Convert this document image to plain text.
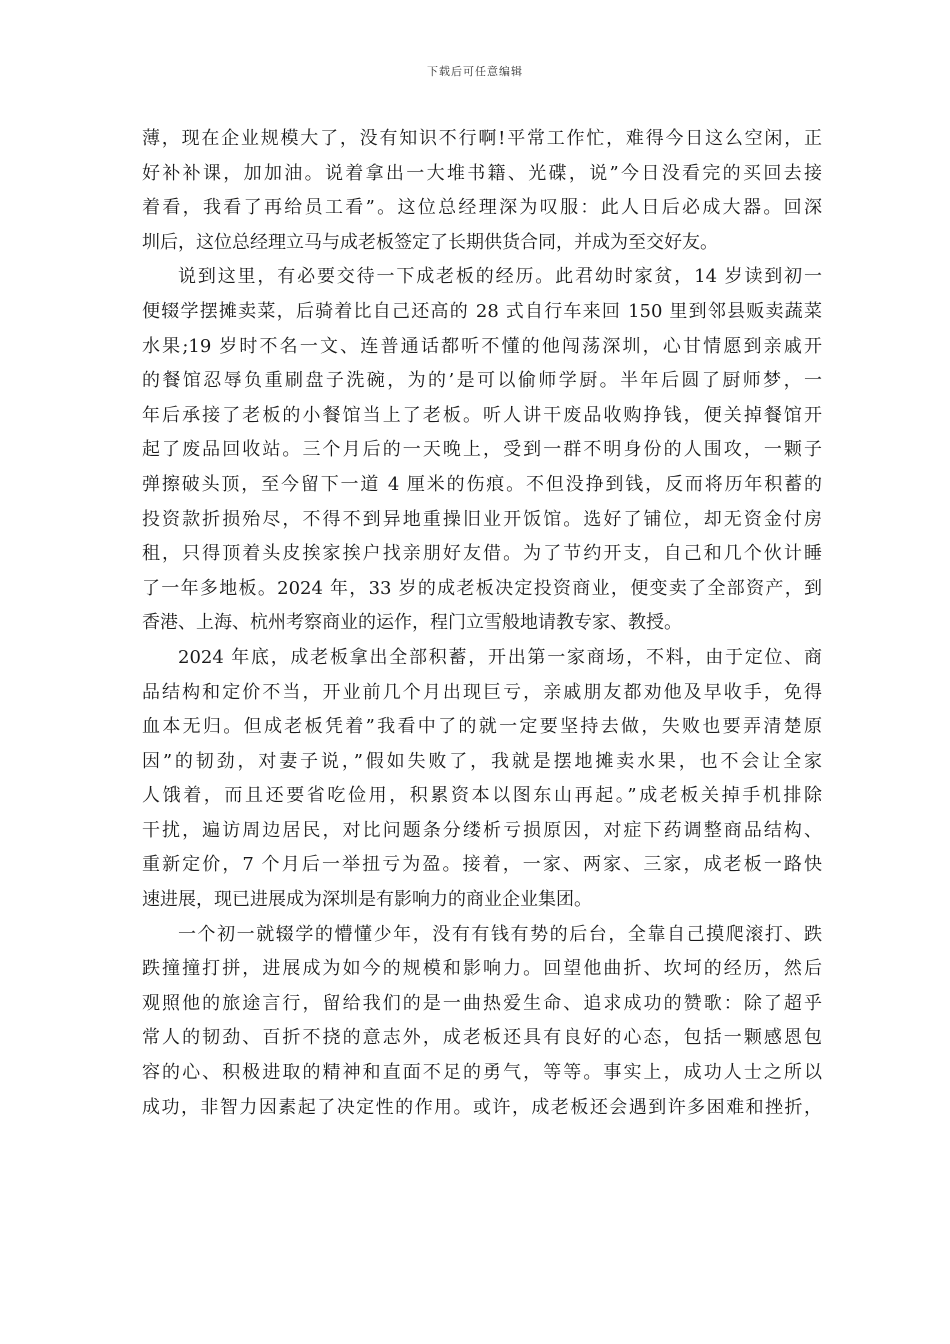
下载后可任意编辑
薄，现在企业规模大了，没有知识不行啊!平常工作忙，难得今日这么空闲，正
好补补课，加加油。说着拿出一大堆书籍、光碟，说”今日没看完的买回去接
着看，我看了再给员工看”。这位总经理深为叹服：此人日后必成大器。回深
圳后，这位总经理立马与成老板签定了长期供货合同，并成为至交好友。
说到这里，有必要交待一下成老板的经历。此君幼时家贫，14 岁读到初一
便辍学摆摊卖菜，后骑着比自己还高的 28 式自行车来回 150 里到邻县贩卖蔬菜
水果;19 岁时不名一文、连普通话都听不懂的他闯荡深圳，心甘情愿到亲戚开
的餐馆忍辱负重刷盘子洗碗，为的’是可以偷师学厨。半年后圆了厨师梦，一
年后承接了老板的小餐馆当上了老板。听人讲干废品收购挣钱，便关掉餐馆开
起了废品回收站。三个月后的一天晚上，受到一群不明身份的人围攻，一颗子
弹擦破头顶，至今留下一道 4 厘米的伤痕。不但没挣到钱，反而将历年积蓄的
投资款折损殆尽，不得不到异地重操旧业开饭馆。选好了铺位，却无资金付房
租，只得顶着头皮挨家挨户找亲朋好友借。为了节约开支，自己和几个伙计睡
了一年多地板。2024 年，33 岁的成老板决定投资商业，便变卖了全部资产，到
香港、上海、杭州考察商业的运作，程门立雪般地请教专家、教授。
2024 年底，成老板拿出全部积蓄，开出第一家商场，不料，由于定位、商
品结构和定价不当，开业前几个月出现巨亏，亲戚朋友都劝他及早收手，免得
血本无归。但成老板凭着”我看中了的就一定要坚持去做，失败也要弄清楚原
因”的韧劲，对妻子说，”假如失败了，我就是摆地摊卖水果，也不会让全家
人饿着，而且还要省吃俭用，积累资本以图东山再起。”成老板关掉手机排除
干扰，遍访周边居民，对比问题条分缕析亏损原因，对症下药调整商品结构、
重新定价，7 个月后一举扭亏为盈。接着，一家、两家、三家，成老板一路快
速进展，现已进展成为深圳是有影响力的商业企业集团。
一个初一就辍学的懵懂少年，没有有钱有势的后台，全靠自己摸爬滚打、跌
跌撞撞打拼，进展成为如今的规模和影响力。回望他曲折、坎坷的经历，然后
观照他的旅途言行，留给我们的是一曲热爱生命、追求成功的赞歌：除了超乎
常人的韧劲、百折不挠的意志外，成老板还具有良好的心态，包括一颗感恩包
容的心、积极进取的精神和直面不足的勇气，等等。事实上，成功人士之所以
成功，非智力因素起了决定性的作用。或许，成老板还会遇到许多困难和挫折，
